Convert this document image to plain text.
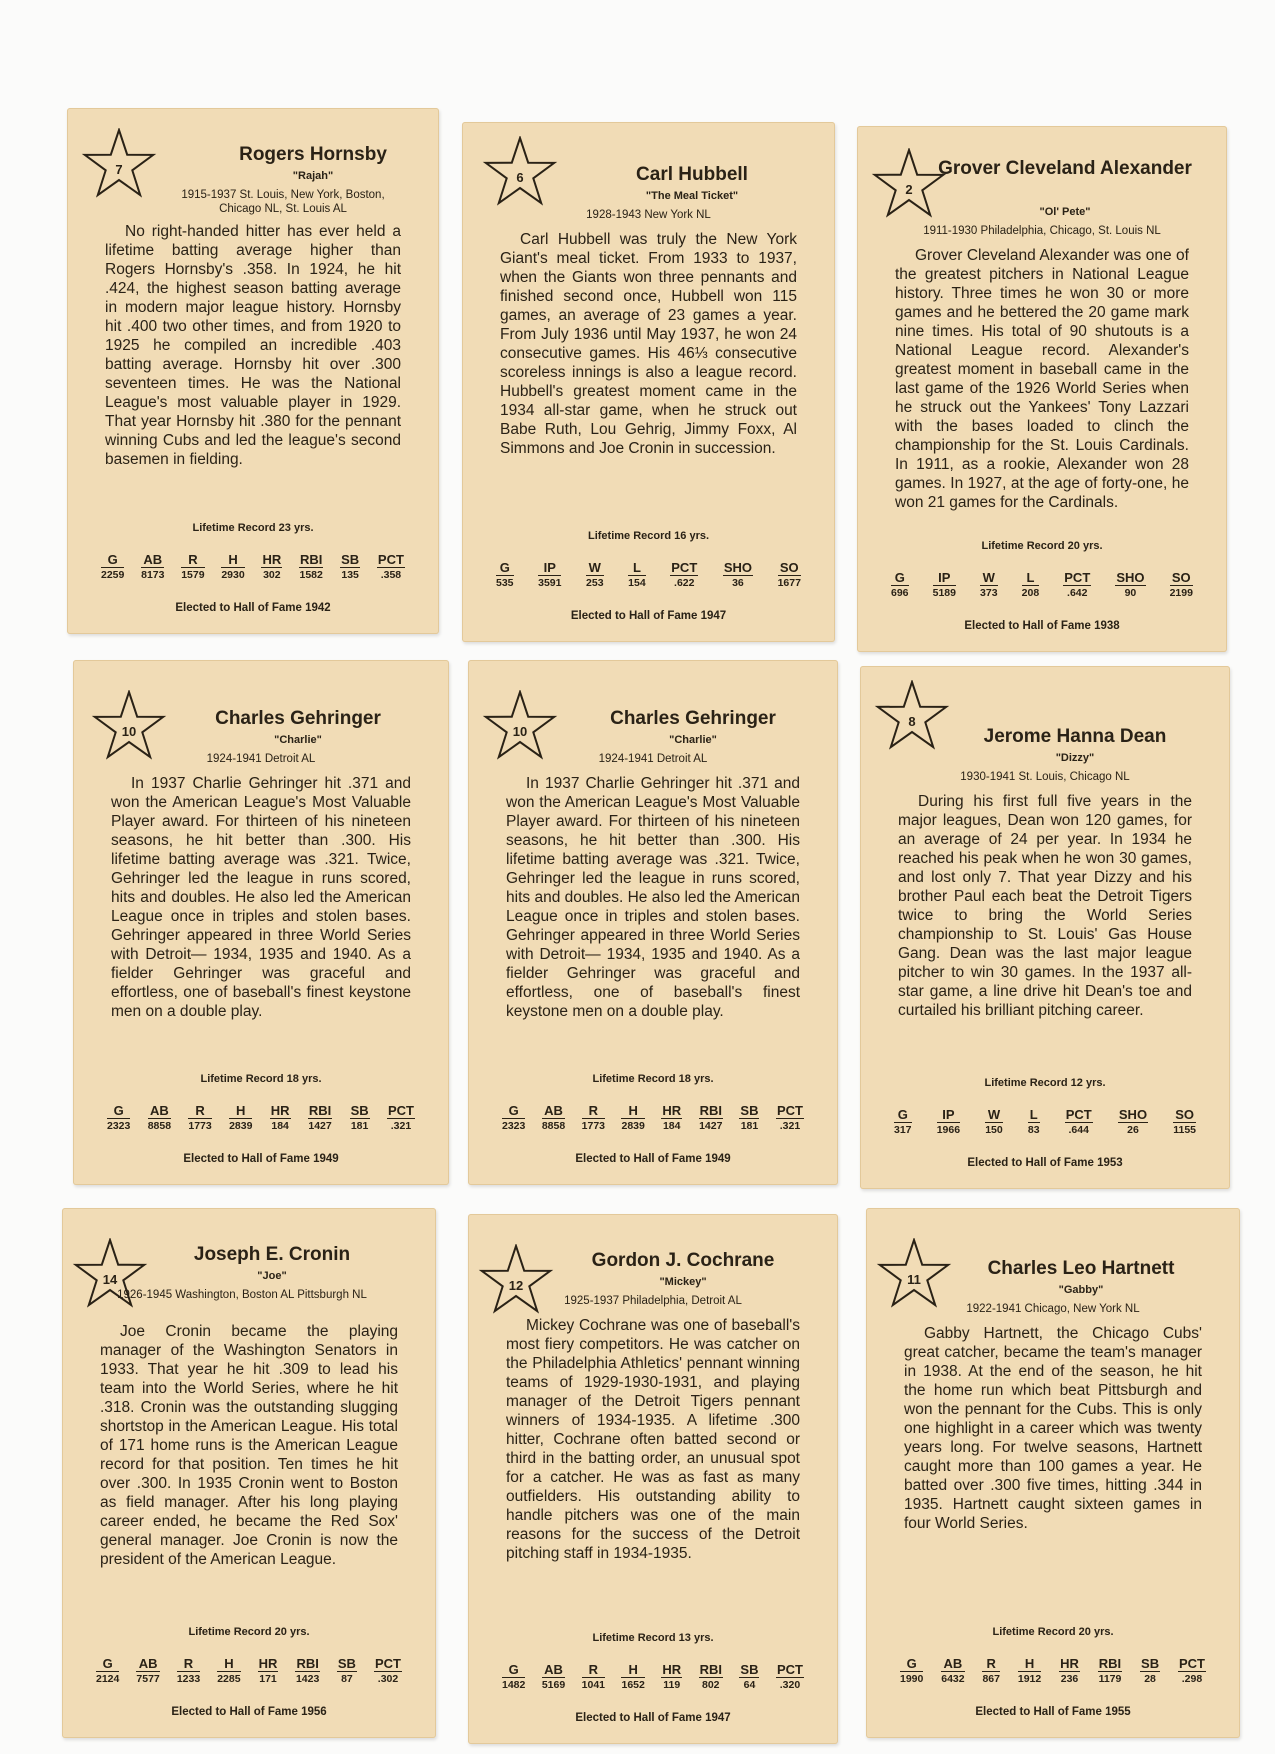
7
Rogers Hornsby
"Rajah"
1915-1937 St. Louis, New York, Boston, Chicago NL, St. Louis AL
No right-handed hitter has ever held a lifetime batting average higher than Rogers Hornsby's .358. In 1924, he hit .424, the highest season batting average in modern major league history. Hornsby hit .400 two other times, and from 1920 to 1925 he compiled an incredible .403 batting average. Hornsby hit over .300 seventeen times. He was the National League's most valuable player in 1929. That year Hornsby hit .380 for the pennant winning Cubs and led the league's second basemen in fielding.
Lifetime Record 23 yrs.
G
2259
AB
8173
R
1579
H
2930
HR
302
RBI
1582
SB
135
PCT
.358
Elected to Hall of Fame 1942
6	Carl Hubbell
"The Meal Ticket"
1928-1943 New York NL
Carl Hubbell was truly the New York Giant's meal ticket. From 1933 to 1937, when the Giants won three pennants and finished second once, Hubbell won 115 games, an average of 23 games a year. From July 1936 until May 1937, he won 24 consecutive games. His 46⅓ consecutive scoreless innings is also a league record. Hubbell's greatest moment came in the 1934 all-star game, when he struck out Babe Ruth, Lou Gehrig, Jimmy Foxx, Al Simmons and Joe Cronin in succession.
Lifetime Record 16 yrs.
G
535
IP
3591
W
253
L
154
PCT
.622
SHO
36
SO
1677
Elected to Hall of Fame 1947
2
Grover Cleveland Alexander
"Ol' Pete"
1911-1930 Philadelphia, Chicago, St. Louis NL
Grover Cleveland Alexander was one of the greatest pitchers in National League history. Three times he won 30 or more games and he bettered the 20 game mark nine times. His total of 90 shutouts is a National League record. Alexander's greatest moment in baseball came in the last game of the 1926 World Series when he struck out the Yankees' Tony Lazzari with the bases loaded to clinch the championship for the St. Louis Cardinals. In 1911, as a rookie, Alexander won 28 games. In 1927, at the age of forty-one, he won 21 games for the Cardinals.
Lifetime Record 20 yrs.
G
696
IP
5189
W
373
L
208
PCT
.642
SHO
90
SO
2199
Elected to Hall of Fame 1938
10
Charles Gehringer
"Charlie"
1924-1941 Detroit AL
In 1937 Charlie Gehringer hit .371 and won the American League's Most Valuable Player award. For thirteen of his nineteen seasons, he hit better than .300. His lifetime batting average was .321. Twice, Gehringer led the league in runs scored, hits and doubles. He also led the American League once in triples and stolen bases. Gehringer appeared in three World Series with Detroit— 1934, 1935 and 1940. As a fielder Gehringer was graceful and effortless, one of baseball's finest keystone men on a double play.
Lifetime Record 18 yrs.
G
2323
AB
8858
R
1773
H
2839
HR
184
RBI
1427
SB
181
PCT
.321
Elected to Hall of Fame 1949
10
Charles Gehringer
"Charlie"
1924-1941 Detroit AL
In 1937 Charlie Gehringer hit .371 and won the American League's Most Valuable Player award. For thirteen of his nineteen seasons, he hit better than .300. His lifetime batting average was .321. Twice, Gehringer led the league in runs scored, hits and doubles. He also led the American League once in triples and stolen bases. Gehringer appeared in three World Series with Detroit— 1934, 1935 and 1940. As a fielder Gehringer was graceful and effortless, one of baseball's finest keystone men on a double play.
Lifetime Record 18 yrs.
G
2323
AB
8858
R
1773
H
2839
HR
184
RBI
1427
SB
181
PCT
.321
Elected to Hall of Fame 1949
8
Jerome Hanna Dean
"Dizzy"
1930-1941 St. Louis, Chicago NL
During his first full five years in the major leagues, Dean won 120 games, for an average of 24 per year. In 1934 he reached his peak when he won 30 games, and lost only 7. That year Dizzy and his brother Paul each beat the Detroit Tigers twice to bring the World Series championship to St. Louis' Gas House Gang. Dean was the last major league pitcher to win 30 games. In the 1937 all-star game, a line drive hit Dean's toe and curtailed his brilliant pitching career.
Lifetime Record 12 yrs.
G
317
IP
1966
W
150
L
83
PCT
.644
SHO
26
SO
1155
Elected to Hall of Fame 1953
14
Joseph E. Cronin
"Joe"
1926-1945 Washington, Boston AL Pittsburgh NL
Joe Cronin became the playing manager of the Washington Senators in 1933. That year he hit .309 to lead his team into the World Series, where he hit .318. Cronin was the outstanding slugging shortstop in the American League. His total of 171 home runs is the American League record for that position. Ten times he hit over .300. In 1935 Cronin went to Boston as field manager. After his long playing career ended, he became the Red Sox' general manager. Joe Cronin is now the president of the American League.
Lifetime Record 20 yrs.
G
2124
AB
7577
R
1233
H
2285
HR
171
RBI
1423
SB
87
PCT
.302
Elected to Hall of Fame 1956
12
Gordon J. Cochrane
"Mickey"
1925-1937 Philadelphia, Detroit AL
Mickey Cochrane was one of baseball's most fiery competitors. He was catcher on the Philadelphia Athletics' pennant winning teams of 1929-1930-1931, and playing manager of the Detroit Tigers pennant winners of 1934-1935. A lifetime .300 hitter, Cochrane often batted second or third in the batting order, an unusual spot for a catcher. He was as fast as many outfielders. His outstanding ability to handle pitchers was one of the main reasons for the success of the Detroit pitching staff in 1934-1935.
Lifetime Record 13 yrs.
G
1482
AB
5169
R
1041
H
1652
HR
119
RBI
802
SB
64
PCT
.320
Elected to Hall of Fame 1947
11
Charles Leo Hartnett
"Gabby"
1922-1941 Chicago, New York NL
Gabby Hartnett, the Chicago Cubs' great catcher, became the team's manager in 1938. At the end of the season, he hit the home run which beat Pittsburgh and won the pennant for the Cubs. This is only one highlight in a career which was twenty years long. For twelve seasons, Hartnett caught more than 100 games a year. He batted over .300 five times, hitting .344 in 1935. Hartnett caught sixteen games in four World Series.
Lifetime Record 20 yrs.
G
1990
AB
6432
R
867
H
1912
HR
236
RBI
1179
SB
28
PCT
.298
Elected to Hall of Fame 1955
